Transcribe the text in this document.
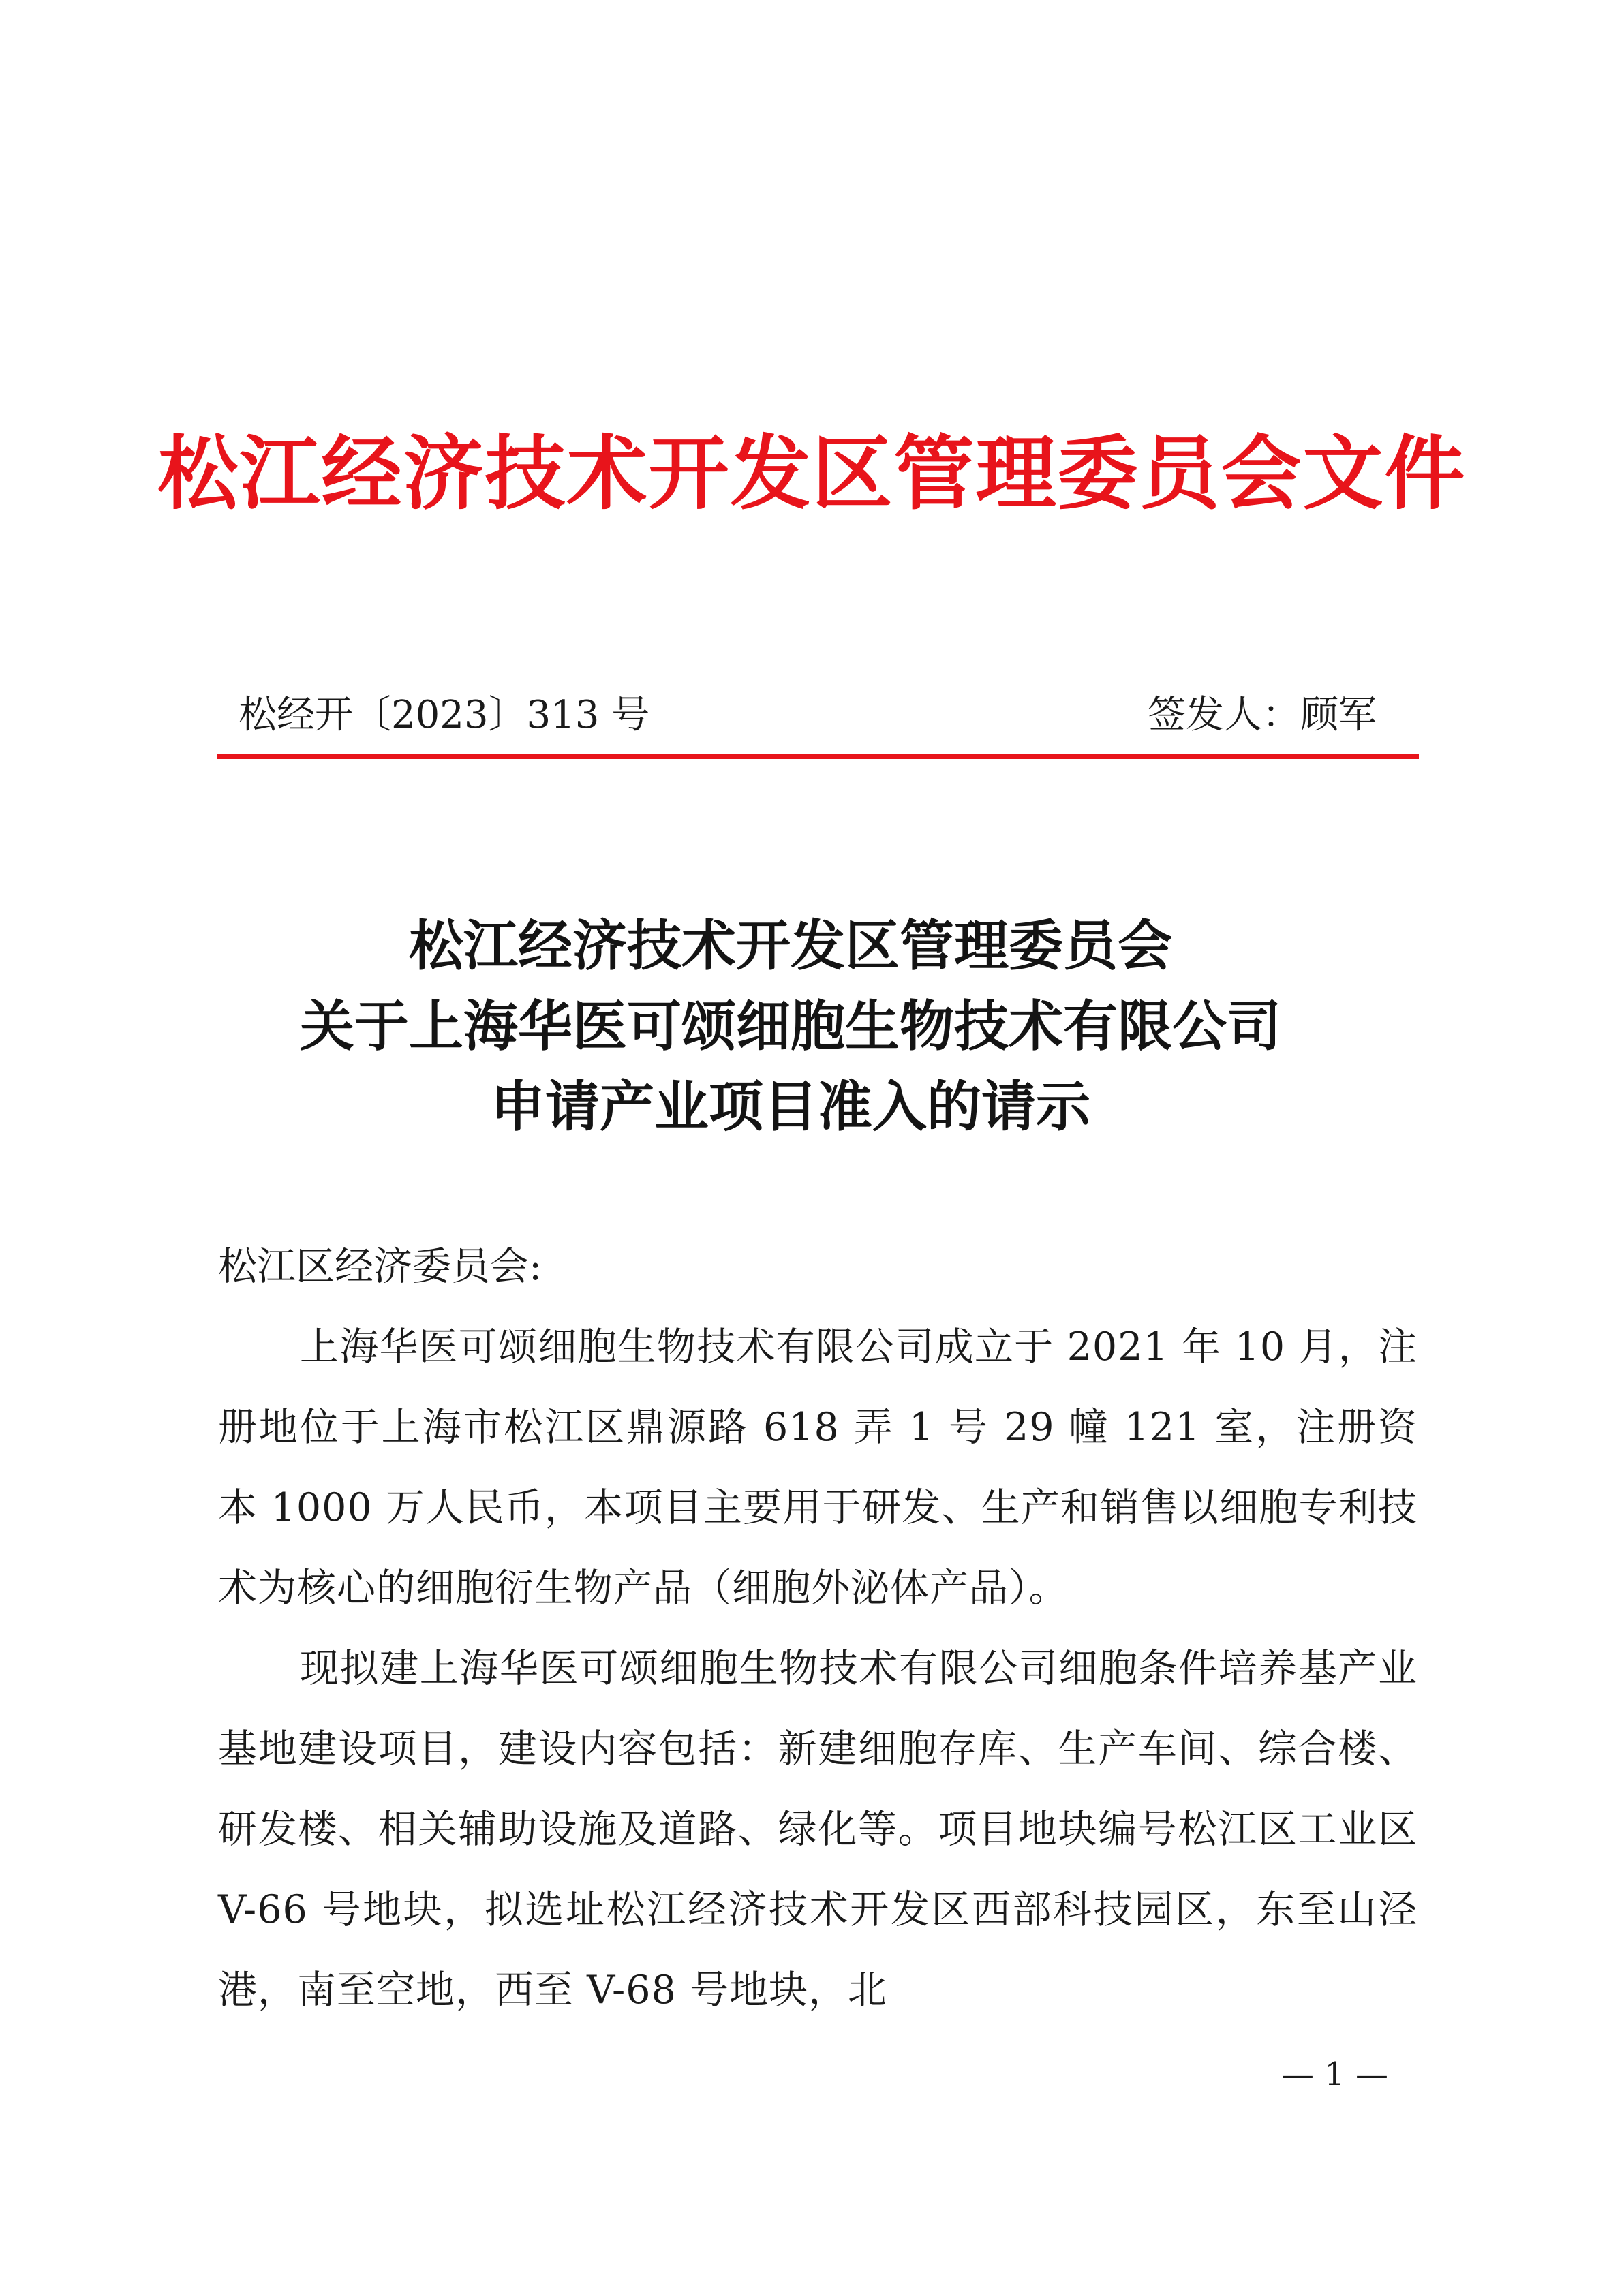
松江经济技术开发区管理委员会文件
松经开〔2023〕313 号	签发人：顾军
松江经济技术开发区管理委员会
关于上海华医可颂细胞生物技术有限公司
申请产业项目准入的请示
松江区经济委员会:

上海华医可颂细胞生物技术有限公司成立于 2021 年 10 月，注册地位于上海市松江区鼎源路 618 弄 1 号 29 幢 121 室，注册资本 1000 万人民币，本项目主要用于研发、生产和销售以细胞专利技术为核心的细胞衍生物产品（细胞外泌体产品）。

现拟建上海华医可颂细胞生物技术有限公司细胞条件培养基产业基地建设项目，建设内容包括：新建细胞存库、生产车间、综合楼、研发楼、相关辅助设施及道路、绿化等。项目地块编号松江区工业区 V-66 号地块，拟选址松江经济技术开发区西部科技园区，东至山泾港，南至空地，西至 V-68 号地块，北

— 1 —
